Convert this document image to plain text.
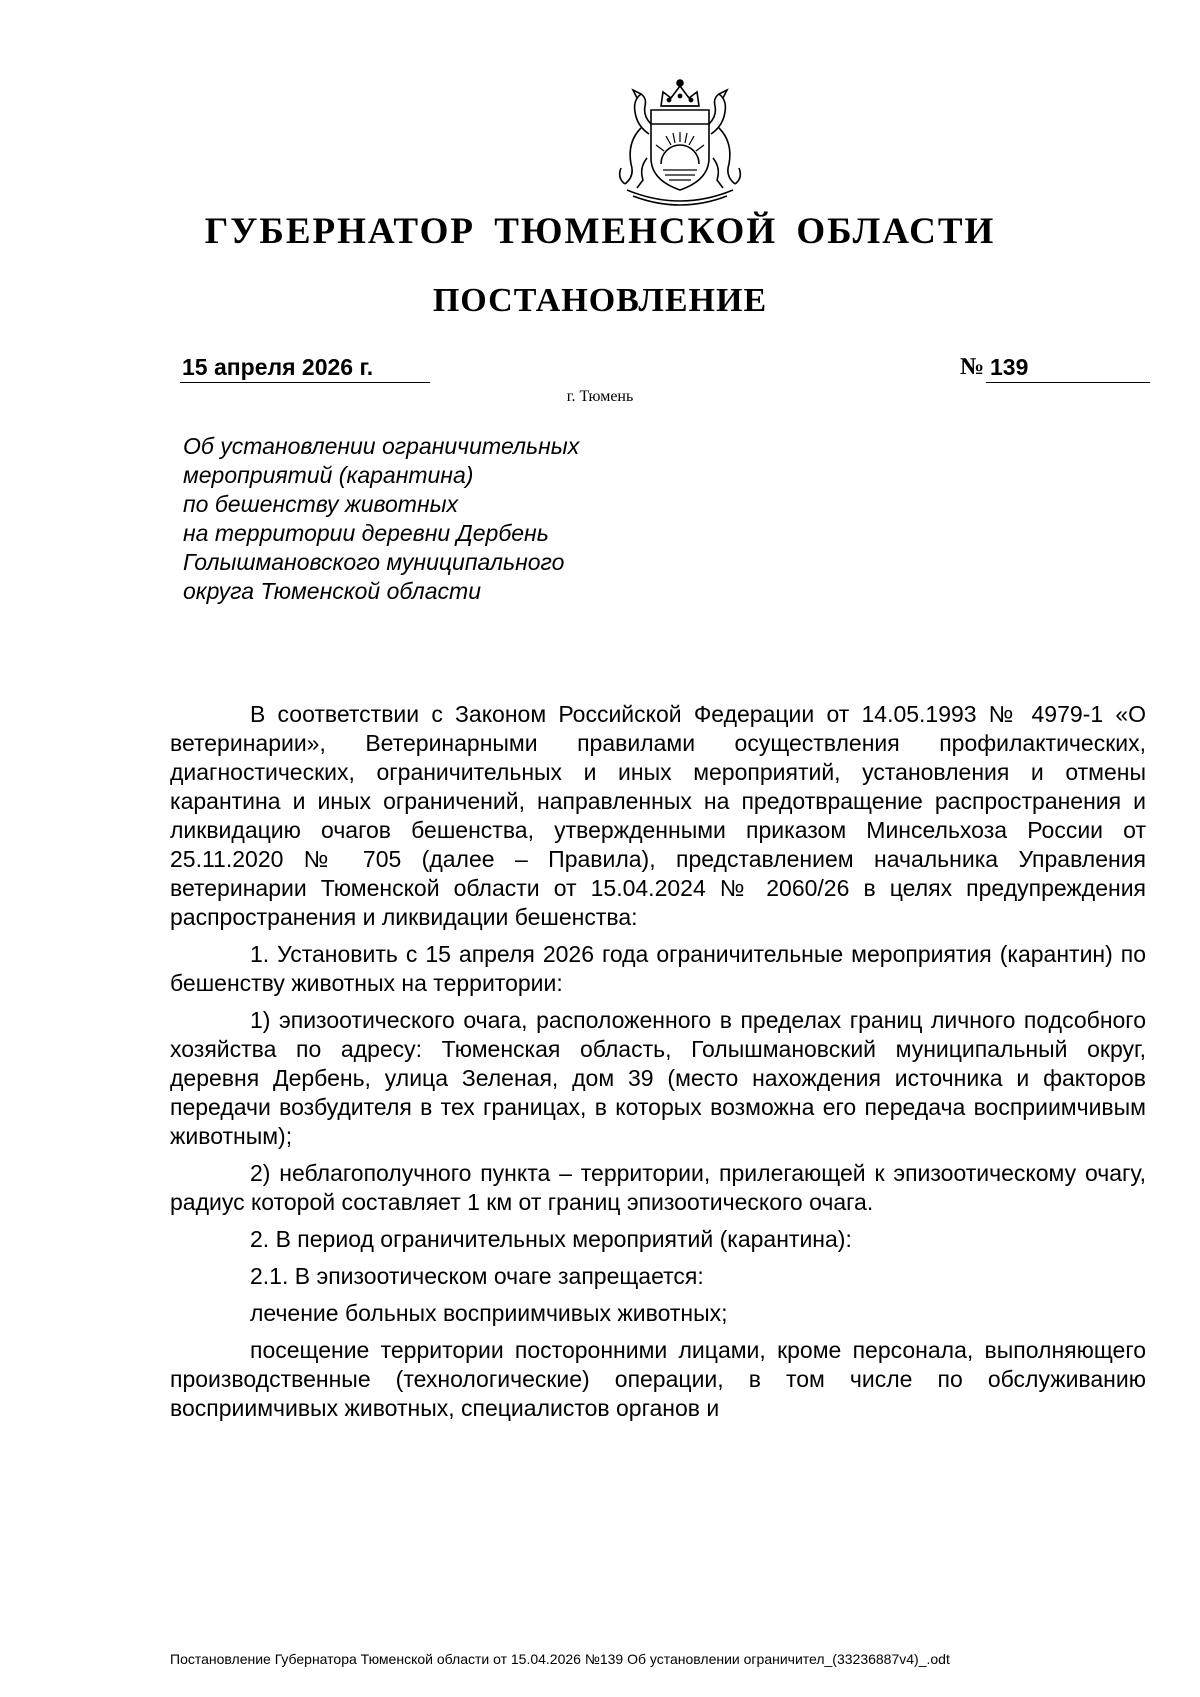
ГУБЕРНАТОР ТЮМЕНСКОЙ ОБЛАСТИ
ПОСТАНОВЛЕНИЕ
15 апреля 2026 г.	№ 139
г. Тюмень
Об установлении ограничительных
мероприятий (карантина)
по бешенству животных
на территории деревни Дербень
Голышмановского муниципального
округа Тюменской области

В соответствии с Законом Российской Федерации от 14.05.1993 № 4979-1 «О ветеринарии», Ветеринарными правилами осуществления профилактических, диагностических, ограничительных и иных мероприятий, установления и отмены карантина и иных ограничений, направленных на предотвращение распространения и ликвидацию очагов бешенства, утвержденными приказом Минсельхоза России от 25.11.2020 № 705 (далее – Правила), представлением начальника Управления ветеринарии Тюменской области от 15.04.2024 № 2060/26 в целях предупреждения распространения и ликвидации бешенства:

1. Установить с 15 апреля 2026 года ограничительные мероприятия (карантин) по бешенству животных на территории:

1) эпизоотического очага, расположенного в пределах границ личного подсобного хозяйства по адресу: Тюменская область, Голышмановский муниципальный округ, деревня Дербень, улица Зеленая, дом 39 (место нахождения источника и факторов передачи возбудителя в тех границах, в которых возможна его передача восприимчивым животным);

2) неблагополучного пункта – территории, прилегающей к эпизоотическому очагу, радиус которой составляет 1 км от границ эпизоотического очага.

2. В период ограничительных мероприятий (карантина):

2.1. В эпизоотическом очаге запрещается:

лечение больных восприимчивых животных;

посещение территории посторонними лицами, кроме персонала, выполняющего производственные (технологические) операции, в том числе по обслуживанию восприимчивых животных, специалистов органов и

Постановление Губернатора Тюменской области от 15.04.2026 №139 Об установлении ограничител_(33236887v4)_.odt
